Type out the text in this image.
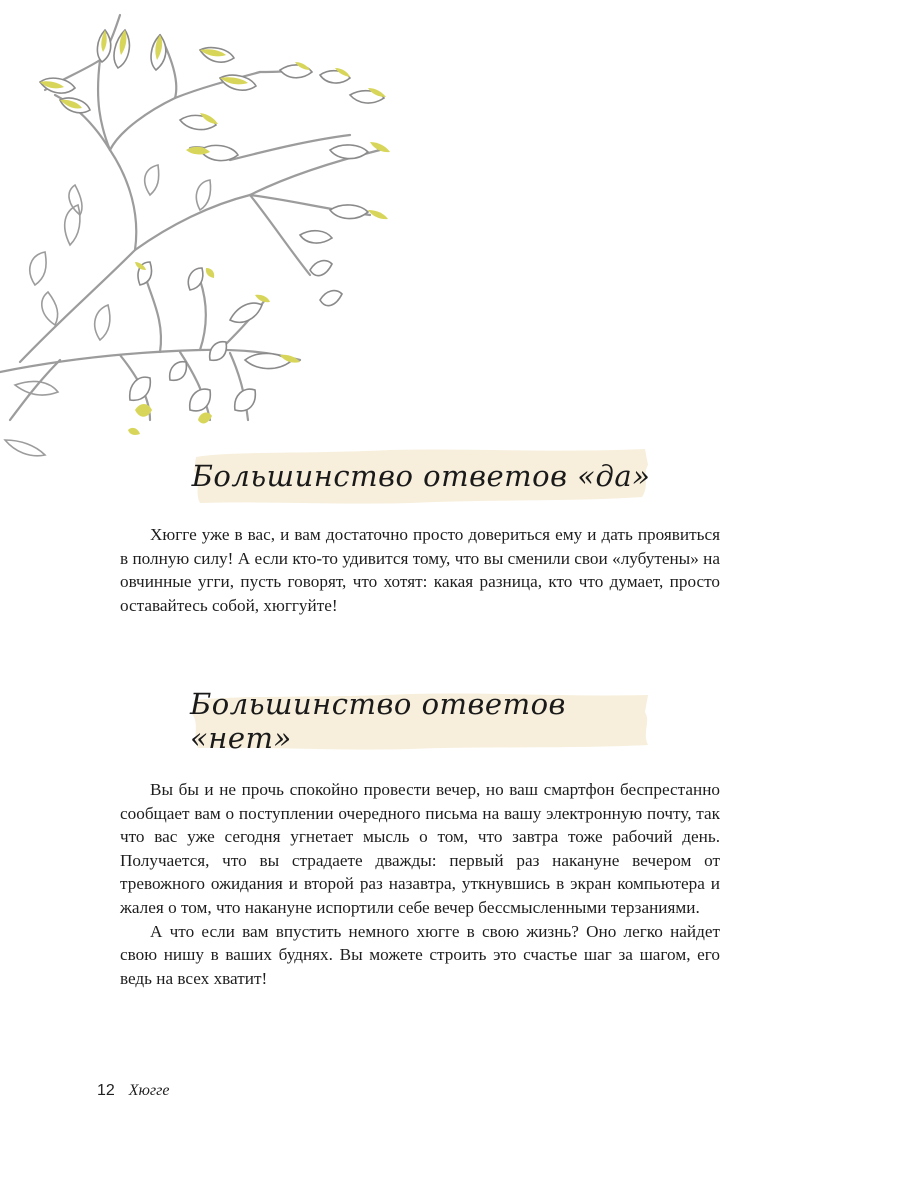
Большинство ответов «да»

Хюгге уже в вас, и вам достаточно просто довериться ему и дать проявиться в полную силу! А если кто-то удивится тому, что вы сменили свои «лубутены» на овчинные угги, пусть говорят, что хотят: какая разница, кто что думает, просто оставайтесь собой, хюггуйте!

Большинство ответов «нет»

Вы бы и не прочь спокойно провести вечер, но ваш смартфон беспрестанно сообщает вам о поступлении очередного письма на вашу электронную почту, так что вас уже сегодня угнетает мысль о том, что завтра тоже рабочий день. Получается, что вы страдаете дважды: первый раз накануне вечером от тревожного ожидания и второй раз назавтра, уткнувшись в экран компьютера и жалея о том, что накануне испортили себе вечер бессмысленными терзаниями.

А что если вам впустить немного хюгге в свою жизнь? Оно легко найдет свою нишу в ваших буднях. Вы можете строить это счастье шаг за шагом, его ведь на всех хватит!

12 Хюгге
